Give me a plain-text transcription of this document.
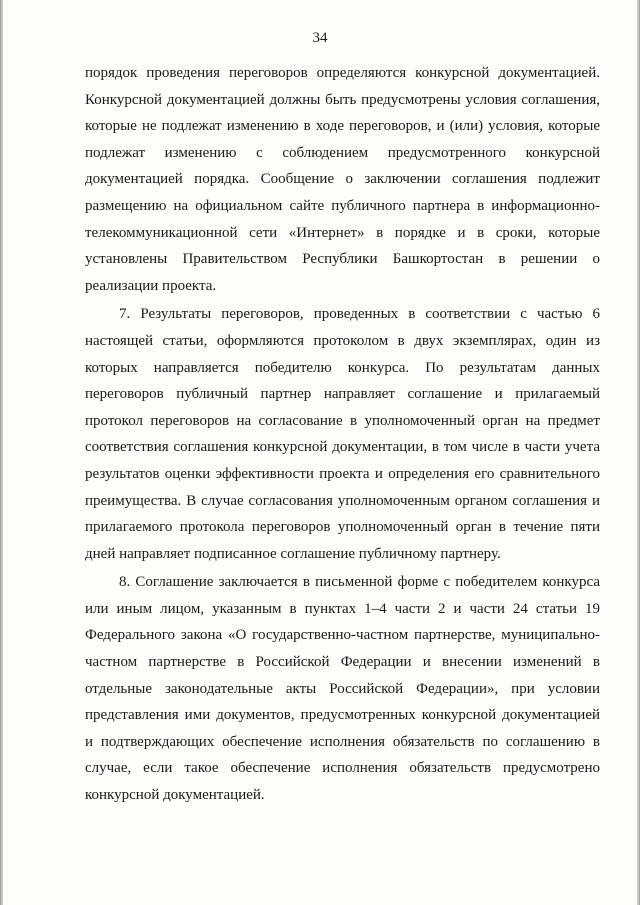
34

порядок проведения переговоров определяются конкурсной документацией. Конкурсной документацией должны быть предусмотрены условия соглашения, которые не подлежат изменению в ходе переговоров, и (или) условия, которые подлежат изменению с соблюдением предусмотренного конкурсной документацией порядка. Сообщение о заключении соглашения подлежит размещению на официальном сайте публичного партнера в информационно-телекоммуникационной сети «Интернет» в порядке и в сроки, которые установлены Правительством Республики Башкортостан в решении о реализации проекта.

7. Результаты переговоров, проведенных в соответствии с частью 6 настоящей статьи, оформляются протоколом в двух экземплярах, один из которых направляется победителю конкурса. По результатам данных переговоров публичный партнер направляет соглашение и прилагаемый протокол переговоров на согласование в уполномоченный орган на предмет соответствия соглашения конкурсной документации, в том числе в части учета результатов оценки эффективности проекта и определения его сравнительного преимущества. В случае согласования уполномоченным органом соглашения и прилагаемого протокола переговоров уполномоченный орган в течение пяти дней направляет подписанное соглашение публичному партнеру.

8. Соглашение заключается в письменной форме с победителем конкурса или иным лицом, указанным в пунктах 1–4 части 2 и части 24 статьи 19 Федерального закона «О государственно-частном партнерстве, муниципально-частном партнерстве в Российской Федерации и внесении изменений в отдельные законодательные акты Российской Федерации», при условии представления ими документов, предусмотренных конкурсной документацией и подтверждающих обеспечение исполнения обязательств по соглашению в случае, если такое обеспечение исполнения обязательств предусмотрено конкурсной документацией.
